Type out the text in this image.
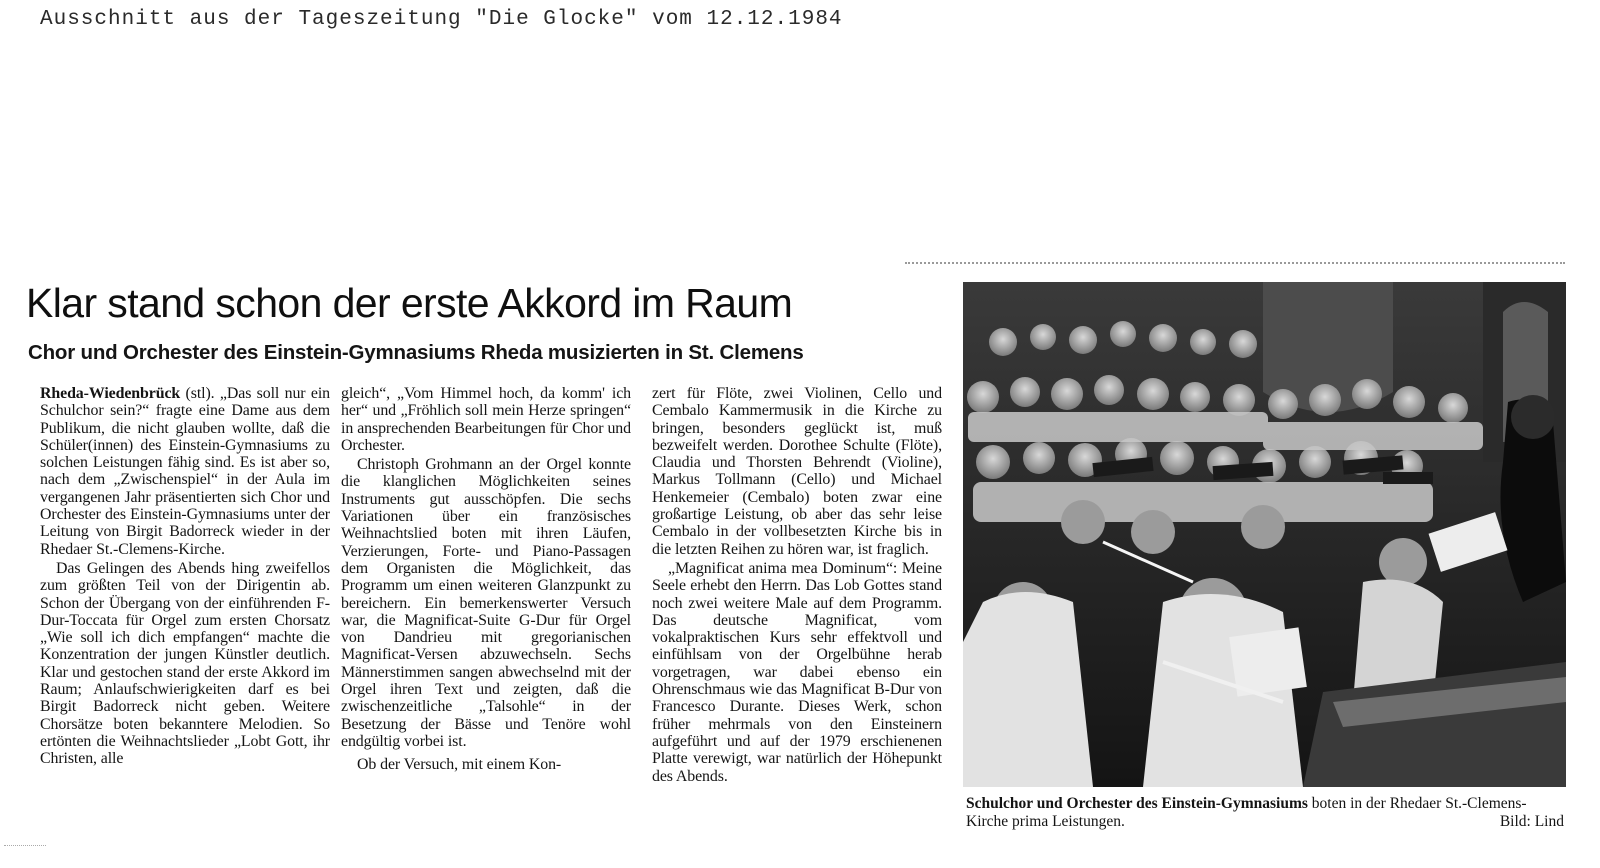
Ausschnitt aus der Tageszeitung "Die Glocke" vom 12.12.1984
Klar stand schon der erste Akkord im Raum
Chor und Orchester des Einstein-Gymnasiums Rheda musizierten in St. Clemens

Rheda-Wiedenbrück (stl). „Das soll nur ein Schulchor sein?“ fragte eine Dame aus dem Publikum, die nicht glauben wollte, daß die Schüler(innen) des Einstein-Gymnasiums zu solchen Leistungen fähig sind. Es ist aber so, nach dem „Zwischenspiel“ in der Aula im vergangenen Jahr präsentierten sich Chor und Orchester des Einstein-Gymnasiums unter der Leitung von Birgit Badorreck wieder in der Rhedaer St.-Clemens-Kirche.

Das Gelingen des Abends hing zweifellos zum größten Teil von der Dirigentin ab. Schon der Übergang von der einführenden F-Dur-Toccata für Orgel zum ersten Chorsatz „Wie soll ich dich empfangen“ machte die Konzentration der jungen Künstler deutlich. Klar und gestochen stand der erste Akkord im Raum; Anlaufschwierigkeiten darf es bei Birgit Badorreck nicht geben. Weitere Chorsätze boten bekanntere Melodien. So ertönten die Weihnachtslieder „Lobt Gott, ihr Christen, alle

gleich“, „Vom Himmel hoch, da komm' ich her“ und „Fröhlich soll mein Herze springen“ in ansprechenden Bearbeitungen für Chor und Orchester.

Christoph Grohmann an der Orgel konnte die klanglichen Möglichkeiten seines Instruments gut ausschöpfen. Die sechs Variationen über ein französisches Weihnachtslied boten mit ihren Läufen, Verzierungen, Forte- und Piano-Passagen dem Organisten die Möglichkeit, das Programm um einen weiteren Glanzpunkt zu bereichern. Ein bemerkenswerter Versuch war, die Magnificat-Suite G-Dur für Orgel von Dandrieu mit gregorianischen Magnificat-Versen abzuwechseln. Sechs Männerstimmen sangen abwechselnd mit der Orgel ihren Text und zeigten, daß die zwischenzeitliche „Talsohle“ in der Besetzung der Bässe und Tenöre wohl endgültig vorbei ist.

Ob der Versuch, mit einem Kon-

zert für Flöte, zwei Violinen, Cello und Cembalo Kammermusik in die Kirche zu bringen, besonders geglückt ist, muß bezweifelt werden. Dorothee Schulte (Flöte), Claudia und Thorsten Behrendt (Violine), Markus Tollmann (Cello) und Michael Henkemeier (Cembalo) boten zwar eine großartige Leistung, ob aber das sehr leise Cembalo in der vollbesetzten Kirche bis in die letzten Reihen zu hören war, ist fraglich.

„Magnificat anima mea Dominum“: Meine Seele erhebt den Herrn. Das Lob Gottes stand noch zwei weitere Male auf dem Programm. Das deutsche Magnificat, vom vokalpraktischen Kurs sehr effektvoll und einfühlsam von der Orgelbühne herab vorgetragen, war dabei ebenso ein Ohrenschmaus wie das Magnificat B-Dur von Francesco Durante. Dieses Werk, schon früher mehrmals von den Einsteinern aufgeführt und auf der 1979 erschienenen Platte verewigt, war natürlich der Höhepunkt des Abends.

Schulchor und Orchester des Einstein-Gymnasiums boten in der Rhedaer St.-Clemens-Kirche prima Leistungen.	Bild: Lind
